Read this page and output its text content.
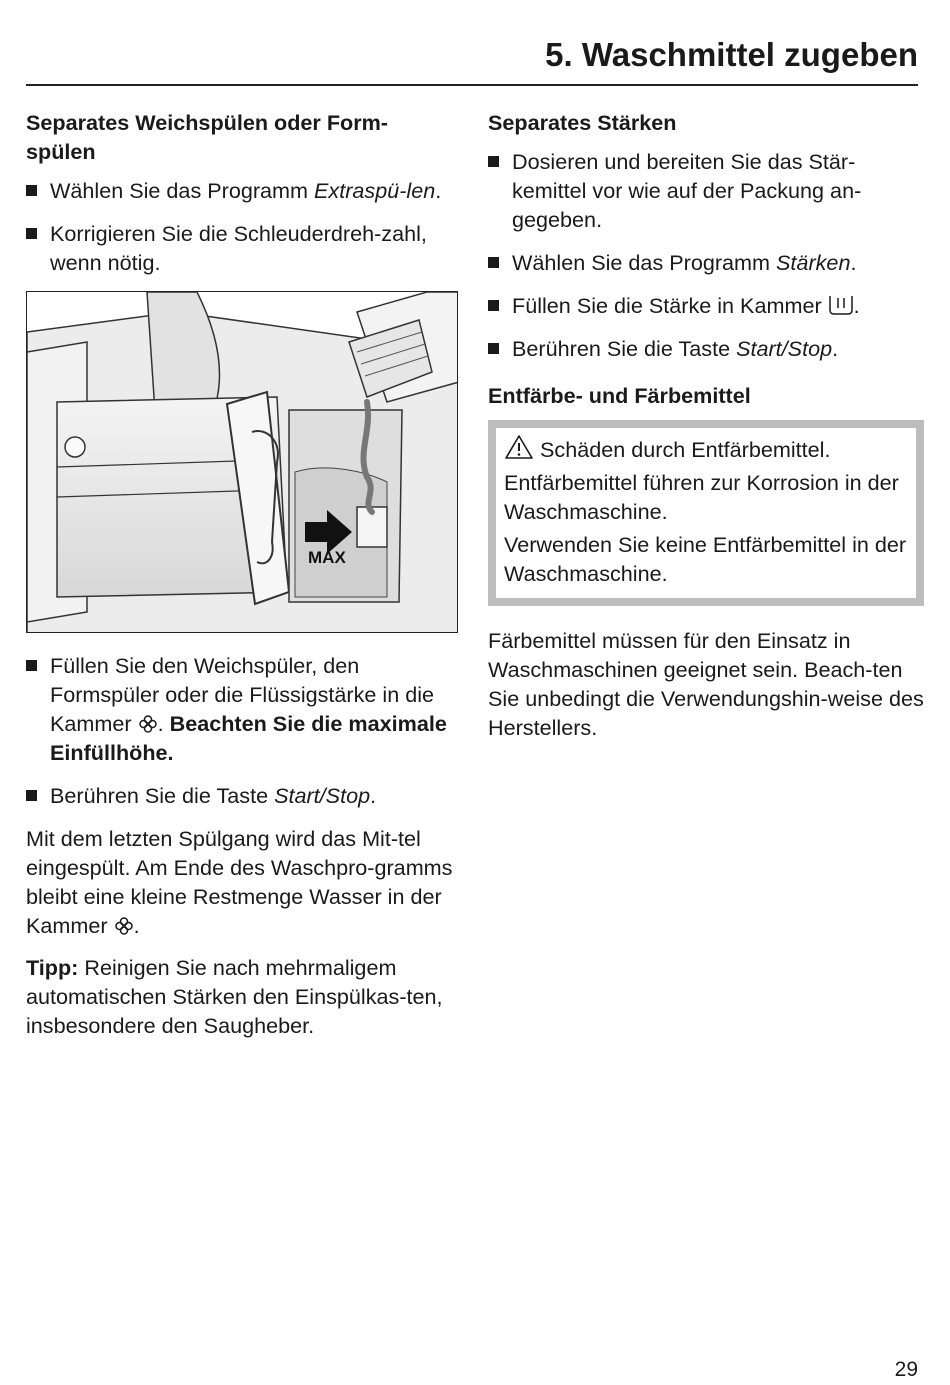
5. Waschmittel zugeben
Separates Weichspülen oder Form-spülen
Wählen Sie das Programm Extraspü-len.
Korrigieren Sie die Schleuderdreh-zahl, wenn nötig.
MAX
Füllen Sie den Weichspüler, den Formspüler oder die Flüssigstärke in die Kammer . Beachten Sie die maximale Einfüllhöhe.
Berühren Sie die Taste Start/Stop.

Mit dem letzten Spülgang wird das Mit-tel eingespült. Am Ende des Waschpro-gramms bleibt eine kleine Restmenge Wasser in der Kammer .

Tipp: Reinigen Sie nach mehrmaligem automatischen Stärken den Einspülkas-ten, insbesondere den Saugheber.

Separates Stärken
Dosieren und bereiten Sie das Stär-kemittel vor wie auf der Packung an-gegeben.
Wählen Sie das Programm Stärken.
Füllen Sie die Stärke in Kammer .
Berühren Sie die Taste Start/Stop.
Entfärbe- und Färbemittel

Schäden durch Entfärbemittel.

Entfärbemittel führen zur Korrosion in der Waschmaschine.

Verwenden Sie keine Entfärbemittel in der Waschmaschine.

Färbemittel müssen für den Einsatz in Waschmaschinen geeignet sein. Beach-ten Sie unbedingt die Verwendungshin-weise des Herstellers.

29
